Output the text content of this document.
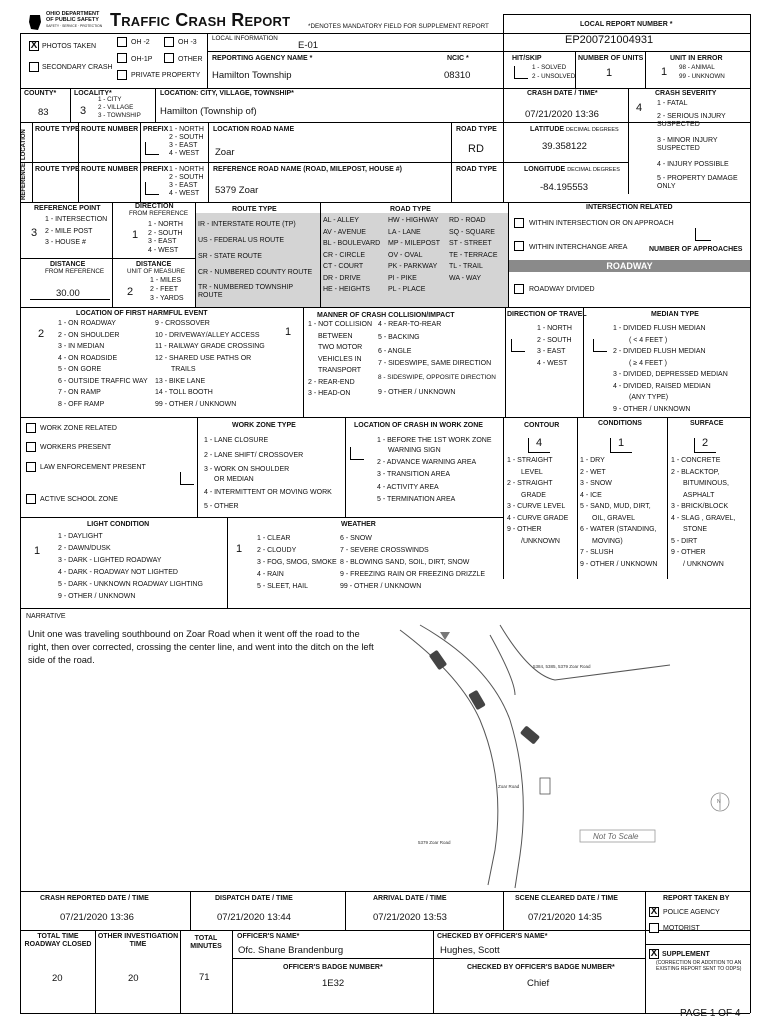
OHIO DEPARTMENT
OF PUBLIC SAFETY
SAFETY · SERVICE · PROTECTION Traffic Crash Report	*DENOTES MANDATORY FIELD FOR SUPPLEMENT REPORT	LOCAL REPORT NUMBER *
X PHOTOS TAKEN
OH -2	OH -3
OH-1P	OTHER
SECONDARY CRASH
PRIVATE PROPERTY
LOCAL INFORMATION
E-01	EP200721004931
REPORTING AGENCY NAME *
Hamilton Township
NCIC *
08310
HIT/SKIP
1 - SOLVED
2 - UNSOLVED
NUMBER OF UNITS
1
UNIT IN ERROR
98 - ANIMAL
99 - UNKNOWN
1
COUNTY*
83
LOCALITY*
3
1 - CITY
2 - VILLAGE
3 - TOWNSHIP
LOCATION: CITY, VILLAGE, TOWNSHIP*
Hamilton (Township of)
CRASH DATE / TIME*
07/21/2020 13:36
CRASH SEVERITY
4 1 - FATAL
2 - SERIOUS INJURY SUSPECTED
3 - MINOR INJURY SUSPECTED
4 - INJURY POSSIBLE
5 - PROPERTY DAMAGE ONLY
LOCATION
REFERENCE
ROUTE TYPE ROUTE NUMBER PREFIX 1 - NORTH
2 - SOUTH
3 - EAST
4 - WEST
LOCATION ROAD NAME
Zoar
ROAD TYPE
RD
LATITUDE DECIMAL DEGREES
39.358122
ROUTE TYPE ROUTE NUMBER PREFIX 1 - NORTH
2 - SOUTH
3 - EAST
4 - WEST
REFERENCE ROAD NAME (ROAD, MILEPOST, HOUSE #)
5379 Zoar
ROAD TYPE	LONGITUDE DECIMAL DEGREES
-84.195553
REFERENCE POINT
3
1 - INTERSECTION
2 - MILE POST
3 - HOUSE #
DIRECTION
FROM REFERENCE
1
1 - NORTH
2 - SOUTH
3 - EAST
4 - WEST
DISTANCE
FROM REFERENCE
30.00
DISTANCE
UNIT OF MEASURE
2
1 - MILES
2 - FEET
3 - YARDS
ROUTE TYPE
IR - INTERSTATE ROUTE (TP)
US - FEDERAL US ROUTE
SR - STATE ROUTE
CR - NUMBERED COUNTY ROUTE
TR - NUMBERED TOWNSHIP ROUTE
ROAD TYPE
AL - ALLEY
AV - AVENUE
BL - BOULEVARD
CR - CIRCLE
CT - COURT
DR - DRIVE
HE - HEIGHTS
HW - HIGHWAY
LA - LANE
MP - MILEPOST
OV - OVAL
PK - PARKWAY
PI - PIKE
PL - PLACE
RD - ROAD
SQ - SQUARE
ST - STREET
TE - TERRACE
TL - TRAIL
WA - WAY
INTERSECTION RELATED
WITHIN INTERSECTION OR ON APPROACH
WITHIN INTERCHANGE AREA	NUMBER OF APPROACHES
ROADWAY
ROADWAY DIVIDED
LOCATION OF FIRST HARMFUL EVENT
2
1 - ON ROADWAY
2 - ON SHOULDER
3 - IN MEDIAN
4 - ON ROADSIDE
5 - ON GORE
6 - OUTSIDE TRAFFIC WAY
7 - ON RAMP
8 - OFF RAMP
9 - CROSSOVER
10 - DRIVEWAY/ALLEY ACCESS
11 - RAILWAY GRADE CROSSING
12 - SHARED USE PATHS OR
TRAILS
13 - BIKE LANE
14 - TOLL BOOTH
99 - OTHER / UNKNOWN
MANNER OF CRASH COLLISION/IMPACT
1
1 - NOT COLLISION
BETWEEN
TWO MOTOR
VEHICLES IN
TRANSPORT
2 - REAR-END
3 - HEAD-ON
4 - REAR-TO-REAR
5 - BACKING
6 - ANGLE
7 - SIDESWIPE, SAME DIRECTION
8 - SIDESWIPE, OPPOSITE DIRECTION
9 - OTHER / UNKNOWN
DIRECTION OF TRAVEL
1 - NORTH
2 - SOUTH
3 - EAST
4 - WEST
MEDIAN TYPE
1 - DIVIDED FLUSH MEDIAN
( < 4 FEET )
2 - DIVIDED FLUSH MEDIAN
( ≥ 4 FEET )
3 - DIVIDED, DEPRESSED MEDIAN
4 - DIVIDED, RAISED MEDIAN
(ANY TYPE)
9 - OTHER / UNKNOWN
WORK ZONE RELATED
WORKERS PRESENT
LAW ENFORCEMENT PRESENT
ACTIVE SCHOOL ZONE
WORK ZONE TYPE
1 - LANE CLOSURE
2 - LANE SHIFT/ CROSSOVER
3 - WORK ON SHOULDER
OR MEDIAN
4 - INTERMITTENT OR MOVING WORK
5 - OTHER
LOCATION OF CRASH IN WORK ZONE
1 - BEFORE THE 1ST WORK ZONE
WARNING SIGN
2 - ADVANCE WARNING AREA
3 - TRANSITION AREA
4 - ACTIVITY AREA
5 - TERMINATION AREA
CONTOUR
4
1 - STRAIGHT
LEVEL
2 - STRAIGHT
GRADE
3 - CURVE LEVEL
4 - CURVE GRADE
9 - OTHER
/UNKNOWN
CONDITIONS
1
1 - DRY
2 - WET
3 - SNOW
4 - ICE
5 - SAND, MUD, DIRT,
OIL, GRAVEL
6 - WATER (STANDING,
MOVING)
7 - SLUSH
9 - OTHER / UNKNOWN
SURFACE
2
1 - CONCRETE
2 - BLACKTOP,
BITUMINOUS,
ASPHALT
3 - BRICK/BLOCK
4 - SLAG , GRAVEL,
STONE
5 - DIRT
9 - OTHER
/ UNKNOWN
LIGHT CONDITION
1
1 - DAYLIGHT
2 - DAWN/DUSK
3 - DARK - LIGHTED ROADWAY
4 - DARK - ROADWAY NOT LIGHTED
5 - DARK - UNKNOWN ROADWAY LIGHTING
9 - OTHER / UNKNOWN
WEATHER
1
1 - CLEAR
2 - CLOUDY
3 - FOG, SMOG, SMOKE
4 - RAIN
5 - SLEET, HAIL
6 - SNOW
7 - SEVERE CROSSWINDS
8 - BLOWING SAND, SOIL, DIRT, SNOW
9 - FREEZING RAIN OR FREEZING DRIZZLE
99 - OTHER / UNKNOWN
NARRATIVE
Unit one was traveling southbound on Zoar Road when it went off the road to the right, then over corrected, crossing the center line, and went into the ditch on the left side of the road.
5384, 5385, 5379 Zoar Road
Zoar Road
5379 Zoar Road
Not To Scale
N
CRASH REPORTED DATE / TIME
07/21/2020 13:36
DISPATCH DATE / TIME
07/21/2020 13:44
ARRIVAL DATE / TIME
07/21/2020 13:53
SCENE CLEARED DATE / TIME
07/21/2020 14:35
REPORT TAKEN BY
X POLICE AGENCY
MOTORIST
X SUPPLEMENT
(CORRECTION OR ADDITION TO AN EXISTING REPORT SENT TO ODPS)
TOTAL TIME ROADWAY CLOSED
20
OTHER INVESTIGATION TIME
20
TOTAL MINUTES
71
OFFICER'S NAME*
Ofc. Shane Brandenburg
CHECKED BY OFFICER'S NAME*
Hughes, Scott
OFFICER'S BADGE NUMBER*
1E32
CHECKED BY OFFICER'S BADGE NUMBER*
Chief
PAGE 1 OF 4
